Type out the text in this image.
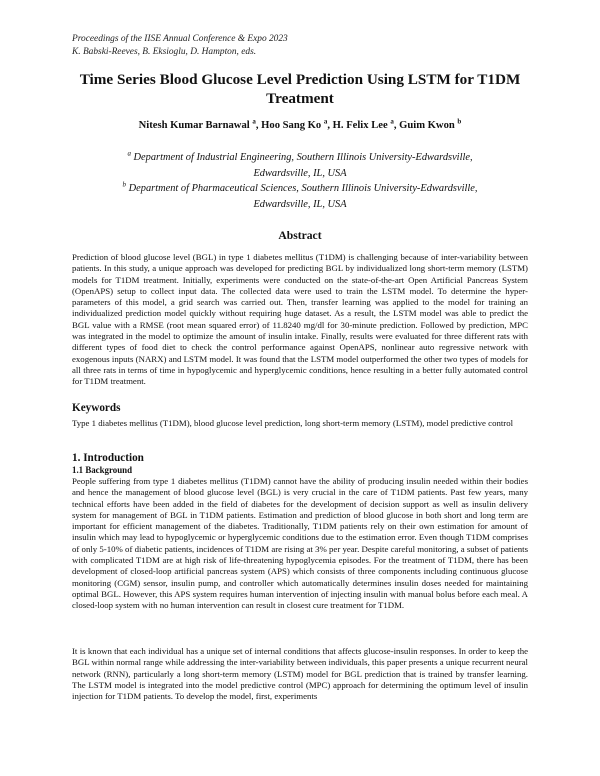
Proceedings of the IISE Annual Conference & Expo 2023
K. Babski-Reeves, B. Eksioglu, D. Hampton, eds.
Time Series Blood Glucose Level Prediction Using LSTM for T1DM Treatment
Nitesh Kumar Barnawal $^a$, Hoo Sang Ko $^a$, H. Felix Lee $^a$, Guim Kwon $^b$
$^a$ Department of Industrial Engineering, Southern Illinois University-Edwardsville,
Edwardsville, IL, USA
$^b$ Department of Pharmaceutical Sciences, Southern Illinois University-Edwardsville,
Edwardsville, IL, USA
Abstract
Prediction of blood glucose level (BGL) in type 1 diabetes mellitus (T1DM) is challenging because of inter-variability between patients. In this study, a unique approach was developed for predicting BGL by individualized long short-term memory (LSTM) models for T1DM treatment. Initially, experiments were conducted on the state-of-the-art Open Artificial Pancreas System (OpenAPS) setup to collect input data. The collected data were used to train the LSTM model. To determine the hyper-parameters of this model, a grid search was carried out. Then, transfer learning was applied to the model for training an individualized prediction model quickly without requiring huge dataset. As a result, the LSTM model was able to predict the BGL value with a RMSE (root mean squared error) of 11.8240 mg/dl for 30-minute prediction. Followed by prediction, MPC was integrated in the model to optimize the amount of insulin intake. Finally, results were evaluated for three different rats with different types of food diet to check the control performance against OpenAPS, nonlinear auto regressive network with exogenous inputs (NARX) and LSTM model. It was found that the LSTM model outperformed the other two types of models for all three rats in terms of time in hypoglycemic and hyperglycemic conditions, hence resulting in a better fully automated control for T1DM treatment.
Keywords
Type 1 diabetes mellitus (T1DM), blood glucose level prediction, long short-term memory (LSTM), model predictive control
1. Introduction
1.1 Background
People suffering from type 1 diabetes mellitus (T1DM) cannot have the ability of producing insulin needed within their bodies and hence the management of blood glucose level (BGL) is very crucial in the care of T1DM patients. Past few years, many technical efforts have been added in the field of diabetes for the development of decision support as well as insulin delivery system for management of BGL in T1DM patients. Estimation and prediction of blood glucose in both short and long term are important for efficient management of the diabetes. Traditionally, T1DM patients rely on their own estimation for amount of insulin which may lead to hypoglycemic or hyperglycemic conditions due to the estimation error. Even though T1DM comprises of only 5-10% of diabetic patients, incidences of T1DM are rising at 3% per year. Despite careful monitoring, a subset of patients with complicated T1DM are at high risk of life-threatening hypoglycemia episodes. For the treatment of T1DM, there has been development of closed-loop artificial pancreas system (APS) which consists of three components including continuous glucose monitoring (CGM) sensor, insulin pump, and controller which automatically determines insulin doses needed for maintaining optimal BGL. However, this APS system requires human intervention of injecting insulin with manual bolus before each meal. A closed-loop system with no human intervention can result in closest cure treatment for T1DM.
It is known that each individual has a unique set of internal conditions that affects glucose-insulin responses. In order to keep the BGL within normal range while addressing the inter-variability between individuals, this paper presents a unique recurrent neural network (RNN), particularly a long short-term memory (LSTM) model for BGL prediction that is trained by transfer learning. The LSTM model is integrated into the model predictive control (MPC) approach for determining the optimum level of insulin injection for T1DM patients. To develop the model, first, experiments
